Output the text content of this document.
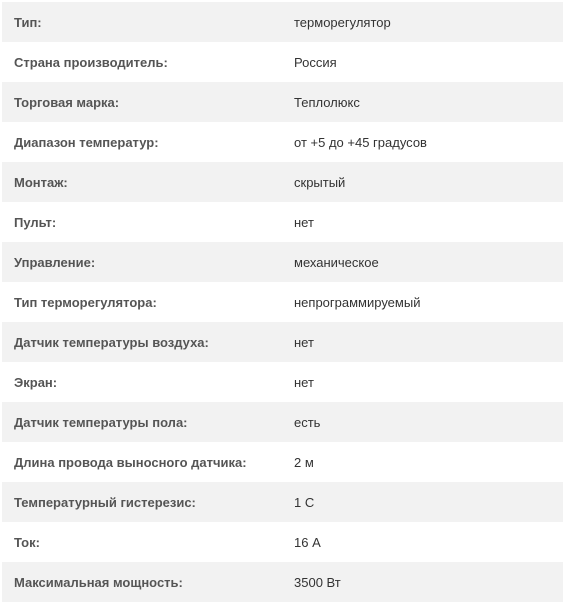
Тип:	терморегулятор
Страна производитель:	Россия
Торговая марка:	Теплолюкс
Диапазон температур:	от +5 до +45 градусов
Монтаж:	скрытый
Пульт:	нет
Управление:	механическое
Тип терморегулятора:	непрограммируемый
Датчик температуры воздуха:	нет
Экран:	нет
Датчик температуры пола:	есть
Длина провода выносного датчика:	2 м
Температурный гистерезис:	1 С
Ток:	16 А
Максимальная мощность:	3500 Вт
